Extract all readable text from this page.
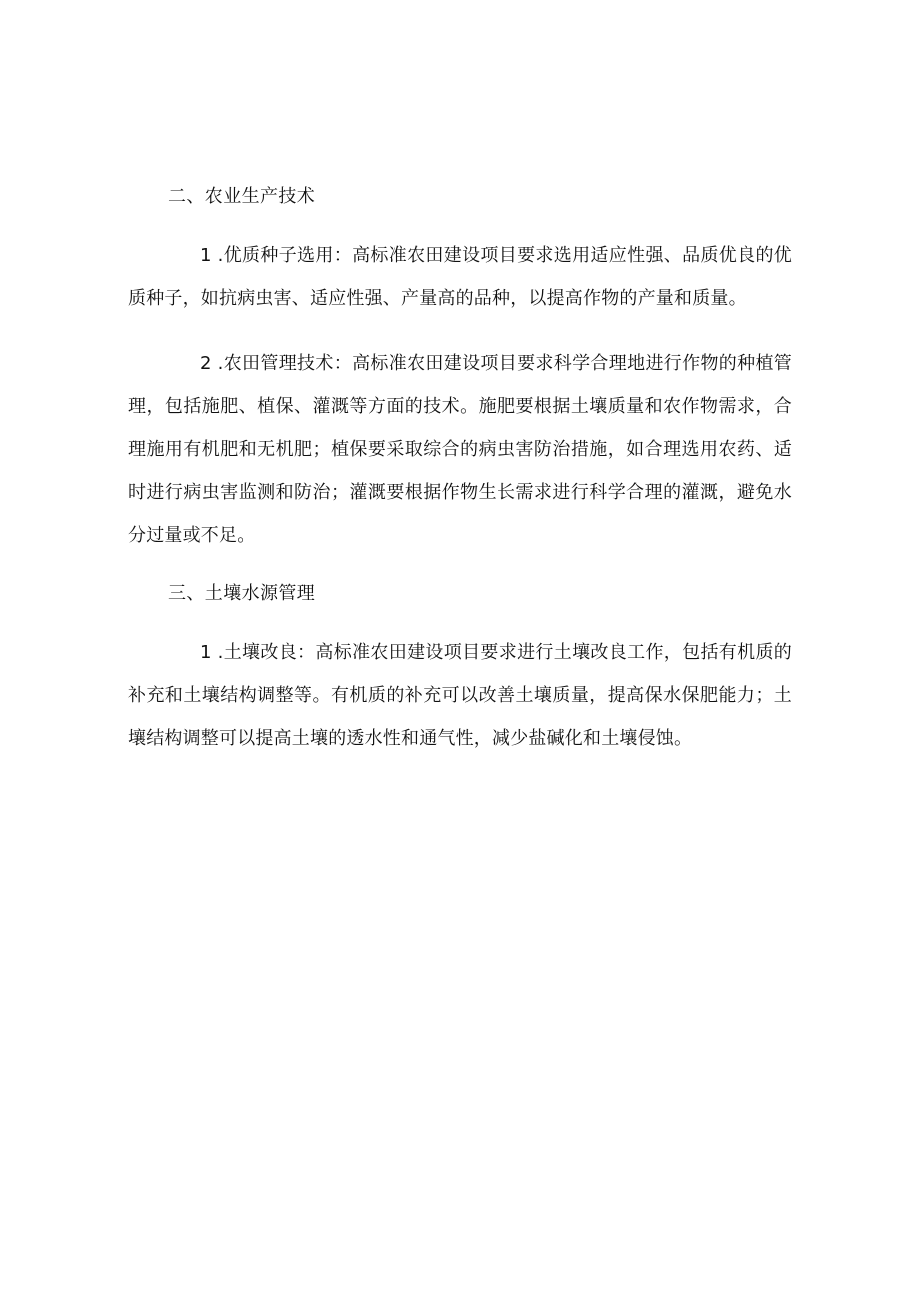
二、农业生产技术

1 .优质种子选用：高标准农田建设项目要求选用适应性强、品质优良的优质种子，如抗病虫害、适应性强、产量高的品种，以提高作物的产量和质量。

2 .农田管理技术：高标准农田建设项目要求科学合理地进行作物的种植管理，包括施肥、植保、灌溉等方面的技术。施肥要根据土壤质量和农作物需求，合理施用有机肥和无机肥；植保要采取综合的病虫害防治措施，如合理选用农药、适时进行病虫害监测和防治；灌溉要根据作物生长需求进行科学合理的灌溉，避免水分过量或不足。

三、土壤水源管理

1 .土壤改良：高标准农田建设项目要求进行土壤改良工作，包括有机质的补充和土壤结构调整等。有机质的补充可以改善土壤质量，提高保水保肥能力；土壤结构调整可以提高土壤的透水性和通气性，减少盐碱化和土壤侵蚀。
